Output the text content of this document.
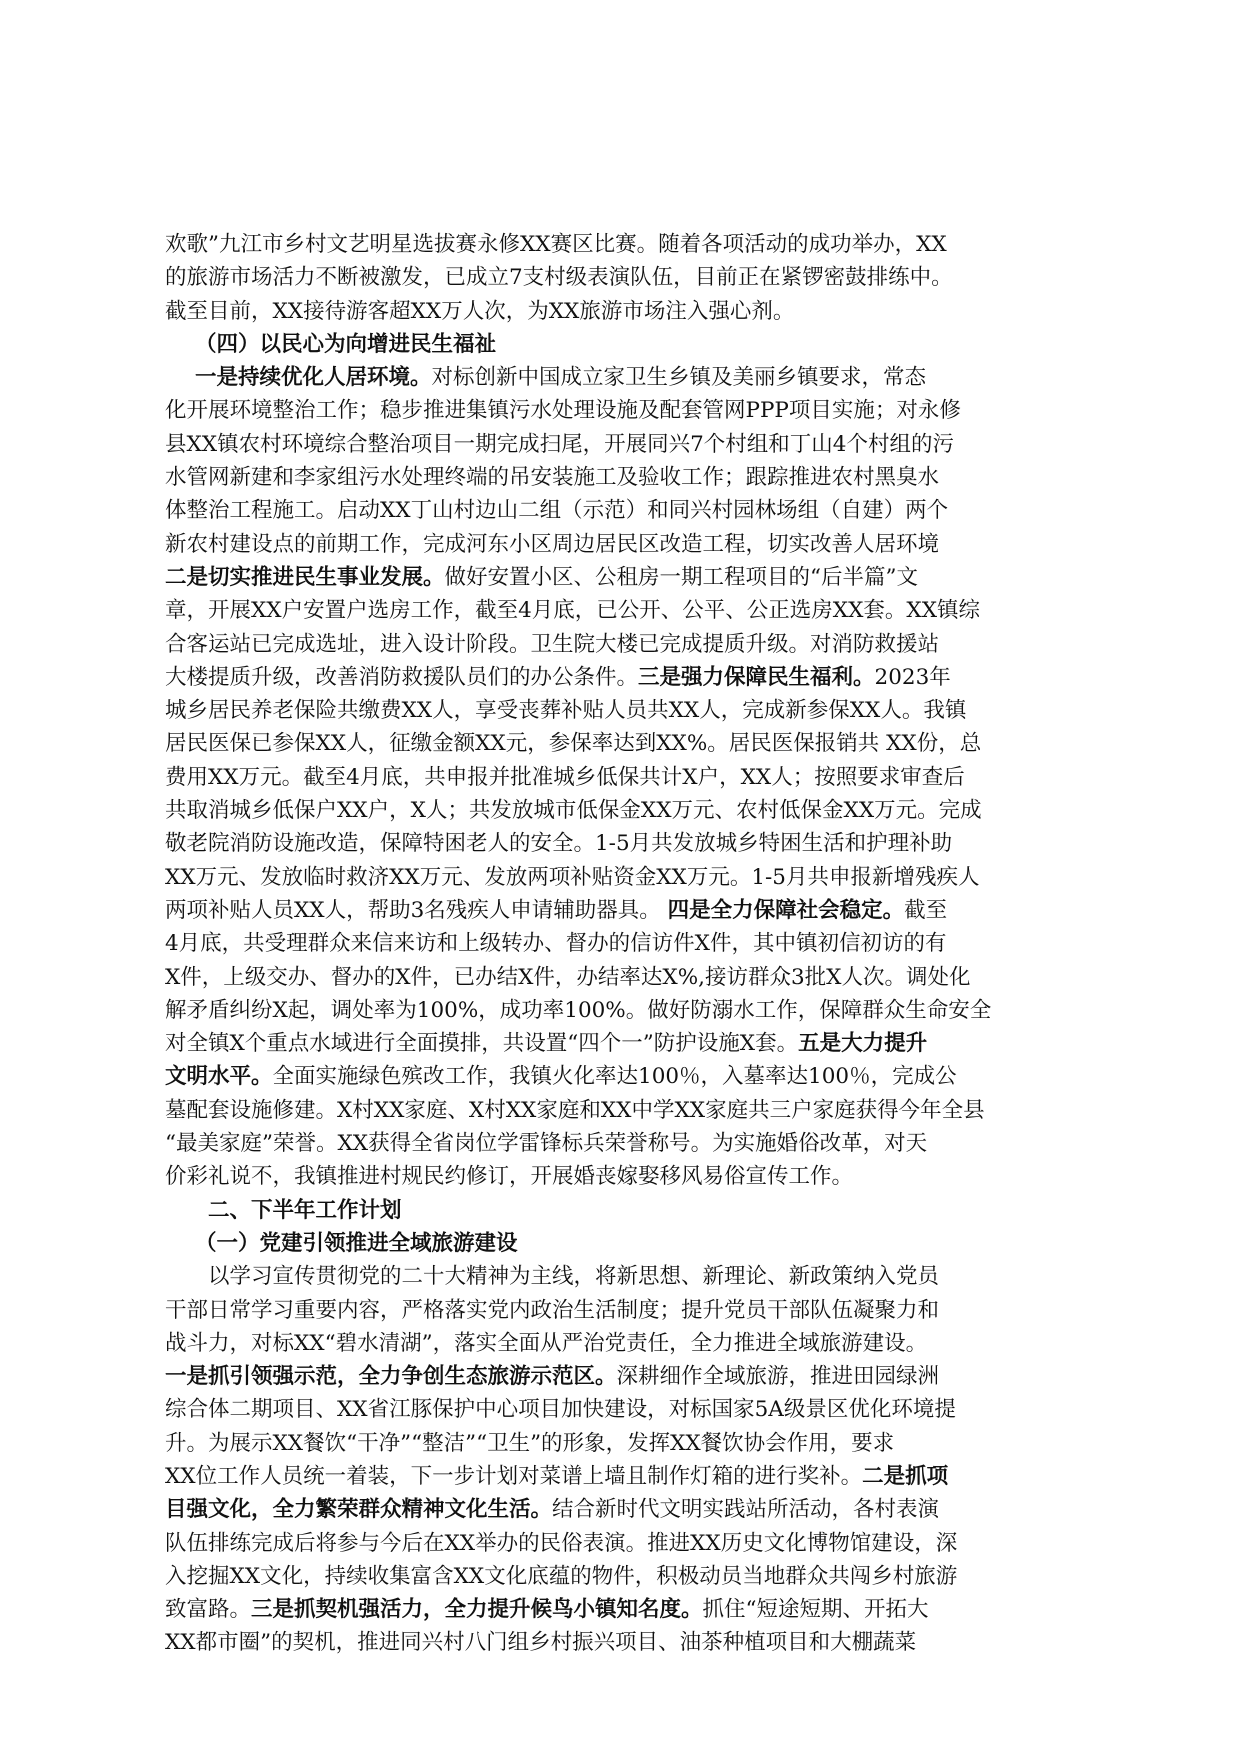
欢歌”九江市乡村文艺明星选拔赛永修XX赛区比赛。随着各项活动的成功举办，XX
的旅游市场活力不断被激发，已成立7支村级表演队伍，目前正在紧锣密鼓排练中。
截至目前，XX接待游客超XX万人次，为XX旅游市场注入强心剂。
（四）以民心为向增进民生福祉
一是持续优化人居环境。 对标创新中国成立家卫生乡镇及美丽乡镇要求，常态
化开展环境整治工作；稳步推进集镇污水处理设施及配套管网PPP项目实施；对永修
县XX镇农村环境综合整治项目一期完成扫尾，开展同兴7个村组和丁山4个村组的污
水管网新建和李家组污水处理终端的吊安装施工及验收工作；跟踪推进农村黑臭水
体整治工程施工。启动XX丁山村边山二组（示范）和同兴村园林场组（自建）两个
新农村建设点的前期工作，完成河东小区周边居民区改造工程，切实改善人居环境
二是切实推进民生事业发展。 做好安置小区、公租房一期工程项目的“后半篇”文
章，开展XX户安置户选房工作，截至4月底，已公开、公平、公正选房XX套。XX镇综
合客运站已完成选址，进入设计阶段。卫生院大楼已完成提质升级。对消防救援站
大楼提质升级，改善消防救援队员们的办公条件。 三是强力保障民生福利。 2023年
城乡居民养老保险共缴费XX人，享受丧葬补贴人员共XX人，完成新参保XX人。我镇
居民医保已参保XX人，征缴金额XX元，参保率达到XX%。居民医保报销共 XX份，总
费用XX万元。截至4月底，共申报并批准城乡低保共计X户，XX人；按照要求审查后
共取消城乡低保户XX户，X人；共发放城市低保金XX万元、农村低保金XX万元。完成
敬老院消防设施改造，保障特困老人的安全。1-5月共发放城乡特困生活和护理补助
XX万元、发放临时救济XX万元、发放两项补贴资金XX万元。1-5月共申报新增残疾人
两项补贴人员XX人，帮助3名残疾人申请辅助器具。 四是全力保障社会稳定。 截至
4月底，共受理群众来信来访和上级转办、督办的信访件X件，其中镇初信初访的有
X件，上级交办、督办的X件，已办结X件，办结率达X%,接访群众3批X人次。调处化
解矛盾纠纷X起，调处率为100%，成功率100%。做好防溺水工作，保障群众生命安全
对全镇X个重点水域进行全面摸排，共设置“四个一”防护设施X套。 五是大力提升
文明水平。 全面实施绿色殡改工作，我镇火化率达100％，入墓率达100％，完成公
墓配套设施修建。X村XX家庭、X村XX家庭和XX中学XX家庭共三户家庭获得今年全县
“最美家庭”荣誉。XX获得全省岗位学雷锋标兵荣誉称号。为实施婚俗改革，对天
价彩礼说不，我镇推进村规民约修订，开展婚丧嫁娶移风易俗宣传工作。
二、下半年工作计划
（一）党建引领推进全域旅游建设
以学习宣传贯彻党的二十大精神为主线，将新思想、新理论、新政策纳入党员
干部日常学习重要内容，严格落实党内政治生活制度；提升党员干部队伍凝聚力和
战斗力，对标XX“碧水清湖”，落实全面从严治党责任，全力推进全域旅游建设。
一是抓引领强示范，全力争创生态旅游示范区。 深耕细作全域旅游，推进田园绿洲
综合体二期项目、XX省江豚保护中心项目加快建设，对标国家5A级景区优化环境提
升。为展示XX餐饮“干净”“整洁”“卫生”的形象，发挥XX餐饮协会作用，要求
XX位工作人员统一着装，下一步计划对菜谱上墙且制作灯箱的进行奖补。 二是抓项
目强文化，全力繁荣群众精神文化生活。 结合新时代文明实践站所活动，各村表演
队伍排练完成后将参与今后在XX举办的民俗表演。推进XX历史文化博物馆建设，深
入挖掘XX文化，持续收集富含XX文化底蕴的物件，积极动员当地群众共闯乡村旅游
致富路。 三是抓契机强活力，全力提升候鸟小镇知名度。 抓住“短途短期、开拓大
XX都市圈”的契机，推进同兴村八门组乡村振兴项目、油茶种植项目和大棚蔬菜
